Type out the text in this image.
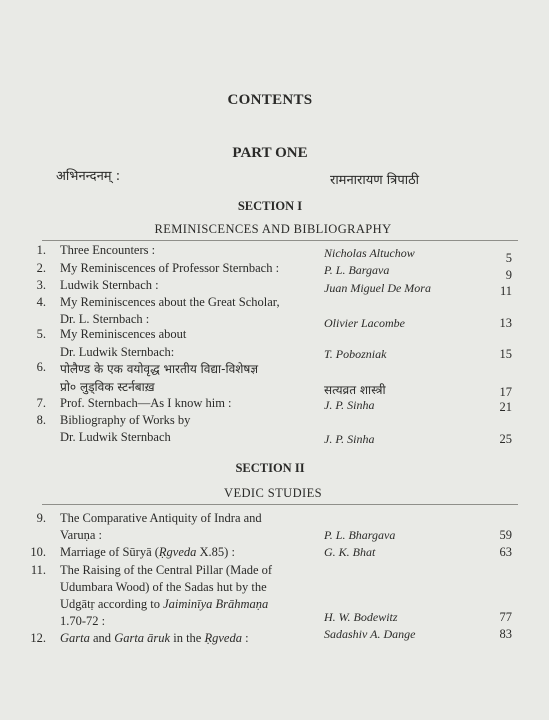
CONTENTS
PART ONE
अभिनन्दनम् :	रामनारायण त्रिपाठी
SECTION I
REMINISCENCES AND BIBLIOGRAPHY
1. Three Encounters :	Nicholas Altuchow	5
2. My Reminiscences of Professor Sternbach :	P. L. Bargava	9
3. Ludwik Sternbach :	Juan Miguel De Mora	11
4. My Reminiscences about the Great Scholar,
Dr. L. Sternbach :	Olivier Lacombe	13
5. My Reminiscences about
Dr. Ludwik Sternbach:	T. Pobozniak	15
6. पोलैण्ड के एक वयोवृद्ध भारतीय विद्या-विशेषज्ञ
प्रो० लुड्विक स्टर्नबाख़	सत्यव्रत शास्त्री	17
7. Prof. Sternbach—As I know him :	J. P. Sinha	21
8. Bibliography of Works by
Dr. Ludwik Sternbach	J. P. Sinha	25
SECTION II
VEDIC STUDIES
9. The Comparative Antiquity of Indra and
Varuṇa :	P. L. Bhargava	59
10. Marriage of Sūryā (Ṛgveda X.85) :	G. K. Bhat	63
11. The Raising of the Central Pillar (Made of
Udumbara Wood) of the Sadas hut by the
Udgātṛ according to Jaiminīya Brāhmaṇa
1.70-72 :	H. W. Bodewitz	77
12. Garta and Garta āruk in the Ṛgveda :	Sadashiv A. Dange	83
